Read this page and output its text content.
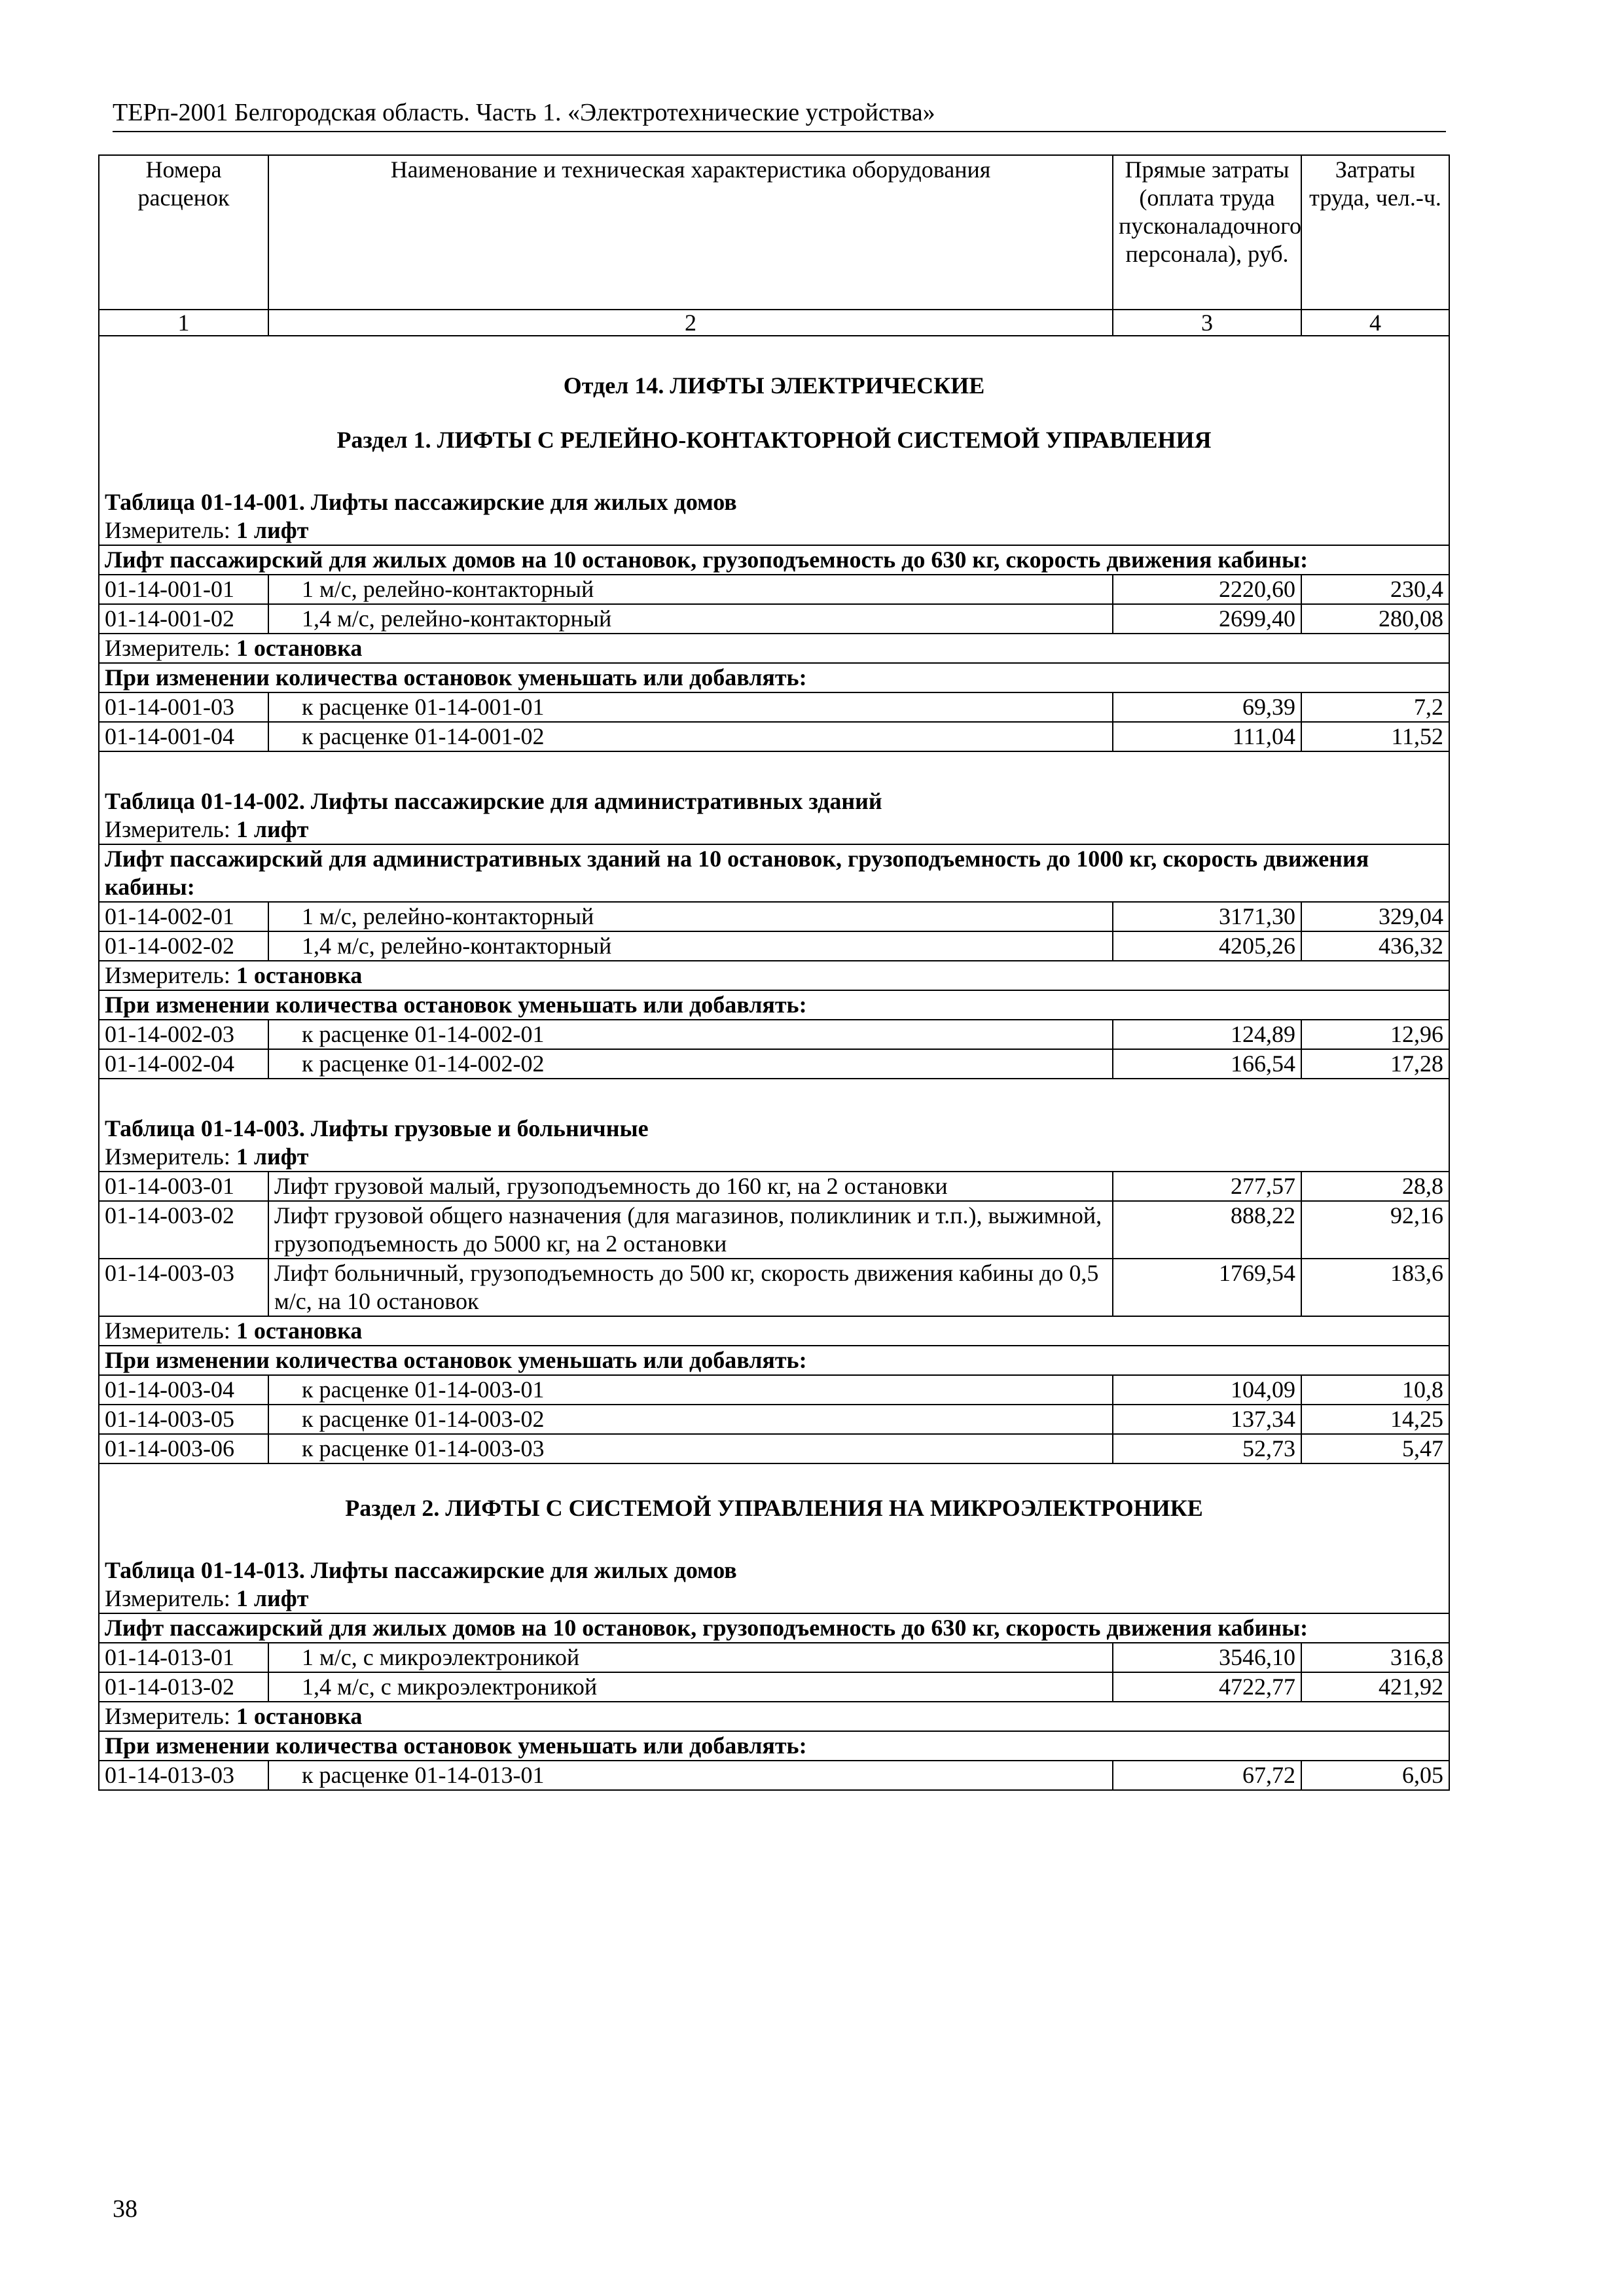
ТЕРп-2001 Белгородская область. Часть 1. «Электротехнические устройства»
Номера расценок	Наименование и техническая характеристика оборудования	Прямые затраты (оплата труда пусконаладочного персонала), руб.	Затраты труда, чел.-ч.
1	2	3	4

Отдел 14. ЛИФТЫ ЭЛЕКТРИЧЕСКИЕ			

Раздел 1. ЛИФТЫ С РЕЛЕЙНО-КОНТАКТОРНОЙ СИСТЕМОЙ УПРАВЛЕНИЯ			

Таблица 01-14-001. Лифты пассажирские для жилых домов			
Измеритель: 1 лифт			
Лифт пассажирский для жилых домов на 10 остановок, грузоподъемность до 630 кг, скорость движения кабины:			
01-14-001-01	1 м/с, релейно-контакторный	2220,60	230,4
01-14-001-02	1,4 м/с, релейно-контакторный	2699,40	280,08
Измеритель: 1 остановка			
При изменении количества остановок уменьшать или добавлять:			
01-14-001-03	к расценке 01-14-001-01	69,39	7,2
01-14-001-04	к расценке 01-14-001-02	111,04	11,52

Таблица 01-14-002. Лифты пассажирские для административных зданий			
Измеритель: 1 лифт			
Лифт пассажирский для административных зданий на 10 остановок, грузоподъемность до 1000 кг, скорость движения кабины:			
01-14-002-01	1 м/с, релейно-контакторный	3171,30	329,04
01-14-002-02	1,4 м/с, релейно-контакторный	4205,26	436,32
Измеритель: 1 остановка			
При изменении количества остановок уменьшать или добавлять:			
01-14-002-03	к расценке 01-14-002-01	124,89	12,96
01-14-002-04	к расценке 01-14-002-02	166,54	17,28

Таблица 01-14-003. Лифты грузовые и больничные			
Измеритель: 1 лифт			
01-14-003-01	Лифт грузовой малый, грузоподъемность до 160 кг, на 2 остановки	277,57	28,8
01-14-003-02	Лифт грузовой общего назначения (для магазинов, поликлиник и т.п.), выжимной, грузоподъемность до 5000 кг, на 2 остановки	888,22	92,16
01-14-003-03	Лифт больничный, грузоподъемность до 500 кг, скорость движения кабины до 0,5 м/с, на 10 остановок	1769,54	183,6
Измеритель: 1 остановка			
При изменении количества остановок уменьшать или добавлять:			
01-14-003-04	к расценке 01-14-003-01	104,09	10,8
01-14-003-05	к расценке 01-14-003-02	137,34	14,25
01-14-003-06	к расценке 01-14-003-03	52,73	5,47

Раздел 2. ЛИФТЫ С СИСТЕМОЙ УПРАВЛЕНИЯ НА МИКРОЭЛЕКТРОНИКЕ			

Таблица 01-14-013. Лифты пассажирские для жилых домов			
Измеритель: 1 лифт			
Лифт пассажирский для жилых домов на 10 остановок, грузоподъемность до 630 кг, скорость движения кабины:			
01-14-013-01	1 м/с, с микроэлектроникой	3546,10	316,8
01-14-013-02	1,4 м/с, с микроэлектроникой	4722,77	421,92
Измеритель: 1 остановка			
При изменении количества остановок уменьшать или добавлять:			
01-14-013-03	к расценке 01-14-013-01	67,72	6,05
38
